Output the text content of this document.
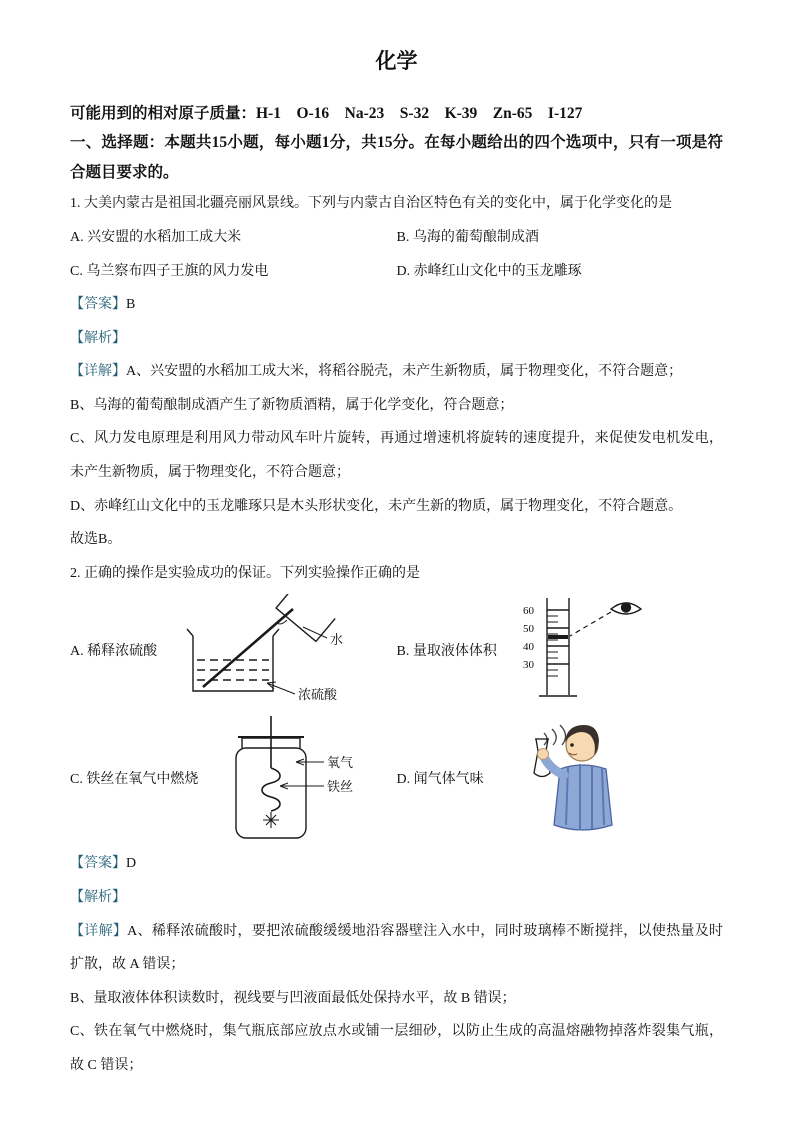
化学

可能用到的相对原子质量：H-1    O-16    Na-23    S-32    K-39    Zn-65    I-127

一、选择题：本题共15小题，每小题1分，共15分。在每小题给出的四个选项中，只有一项是符合题目要求的。

1. 大美内蒙古是祖国北疆亮丽风景线。下列与内蒙古自治区特色有关的变化中，属于化学变化的是

A. 兴安盟的水稻加工成大米	B. 乌海的葡萄酿制成酒
C. 乌兰察布四子王旗的风力发电	D. 赤峰红山文化中的玉龙雕琢

【答案】B

【解析】

【详解】A、兴安盟的水稻加工成大米，将稻谷脱壳，未产生新物质，属于物理变化，不符合题意；

B、乌海的葡萄酿制成酒产生了新物质酒精，属于化学变化，符合题意；

C、风力发电原理是利用风力带动风车叶片旋转，再通过增速机将旋转的速度提升，来促使发电机发电，未产生新物质，属于物理变化，不符合题意；

D、赤峰红山文化中的玉龙雕琢只是木头形状变化，未产生新的物质，属于物理变化，不符合题意。

故选B。

2. 正确的操作是实验成功的保证。下列实验操作正确的是

A. 稀释浓硫酸
水
浓硫酸
B. 量取液体体积
60
50
40
30
C. 铁丝在氧气中燃烧
氧气
铁丝	D. 闻气体气味

【答案】D

【解析】

【详解】A、稀释浓硫酸时，要把浓硫酸缓缓地沿容器壁注入水中，同时玻璃棒不断搅拌，以使热量及时扩散，故 A 错误；

B、量取液体体积读数时，视线要与凹液面最低处保持水平，故 B 错误；

C、铁在氧气中燃烧时，集气瓶底部应放点水或铺一层细砂，以防止生成的高温熔融物掉落炸裂集气瓶，故 C 错误；
